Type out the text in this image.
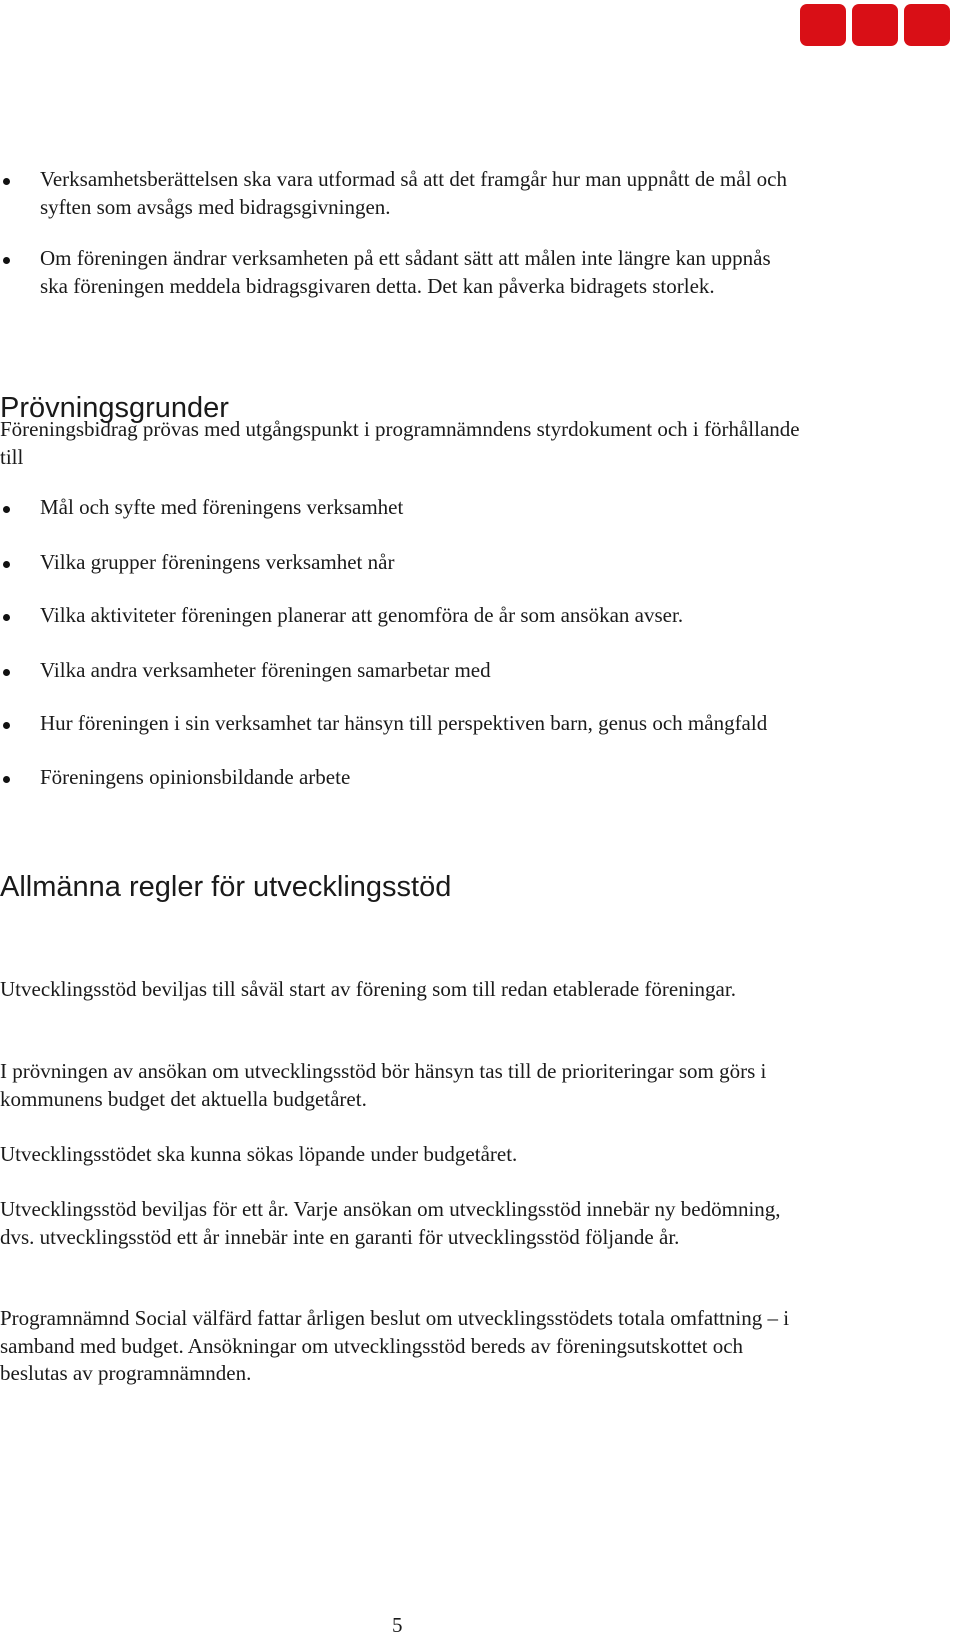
Verksamhetsberättelsen ska vara utformad så att det framgår hur man uppnått de mål och syften som avsågs med bidragsgivningen.
Om föreningen ändrar verksamheten på ett sådant sätt att målen inte längre kan uppnås ska föreningen meddela bidragsgivaren detta. Det kan påverka bidragets storlek.
Prövningsgrunder

Föreningsbidrag prövas med utgångspunkt i programnämndens styrdokument och i förhållande till

Mål och syfte med föreningens verksamhet
Vilka grupper föreningens verksamhet når
Vilka aktiviteter föreningen planerar att genomföra de år som ansökan avser.
Vilka andra verksamheter föreningen samarbetar med
Hur föreningen i sin verksamhet tar hänsyn till perspektiven barn, genus och mångfald
Föreningens opinionsbildande arbete
Allmänna regler för utvecklingsstöd

Utvecklingsstöd beviljas till såväl start av förening som till redan etablerade föreningar.

I prövningen av ansökan om utvecklingsstöd bör hänsyn tas till de prioriteringar som görs i kommunens budget det aktuella budgetåret.

Utvecklingsstödet ska kunna sökas löpande under budgetåret.

Utvecklingsstöd beviljas för ett år. Varje ansökan om utvecklingsstöd innebär ny bedömning, dvs. utvecklingsstöd ett år innebär inte en garanti för utvecklingsstöd följande år.

Programnämnd Social välfärd fattar årligen beslut om utvecklingsstödets totala omfattning – i samband med budget. Ansökningar om utvecklingsstöd bereds av föreningsutskottet och beslutas av programnämnden.

5
